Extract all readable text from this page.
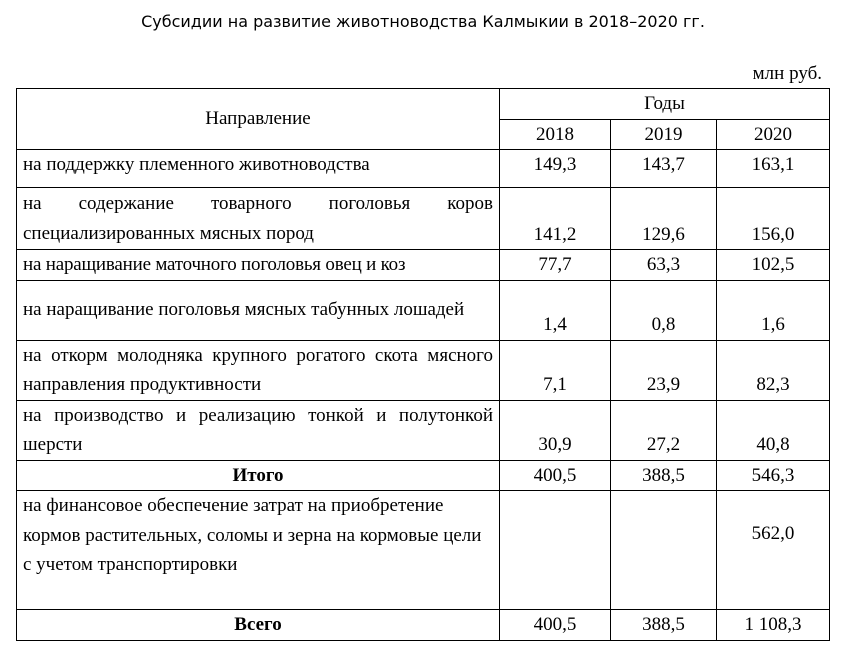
Субсидии на развитие животноводства Калмыкии в 2018–2020 гг.
млн руб.
Направление	Годы		
	2018	2019	2020
на поддержку племенного животноводства	149,3	143,7	163,1
на содержание товарного поголовья коров специализированных мясных пород	141,2	129,6	156,0
на наращивание маточного поголовья овец и коз	77,7	63,3	102,5
на наращивание поголовья мясных табунных лошадей	1,4	0,8	1,6
на откорм молодняка крупного рогатого скота мясного направления продуктивности	7,1	23,9	82,3
на производство и реализацию тонкой и полутонкой шерсти	30,9	27,2	40,8
Итого	400,5	388,5	546,3
на финансовое обеспечение затрат на приобретение кормов растительных, соломы и зерна на кормовые цели с учетом транспортировки			562,0
Всего	400,5	388,5	1 108,3
